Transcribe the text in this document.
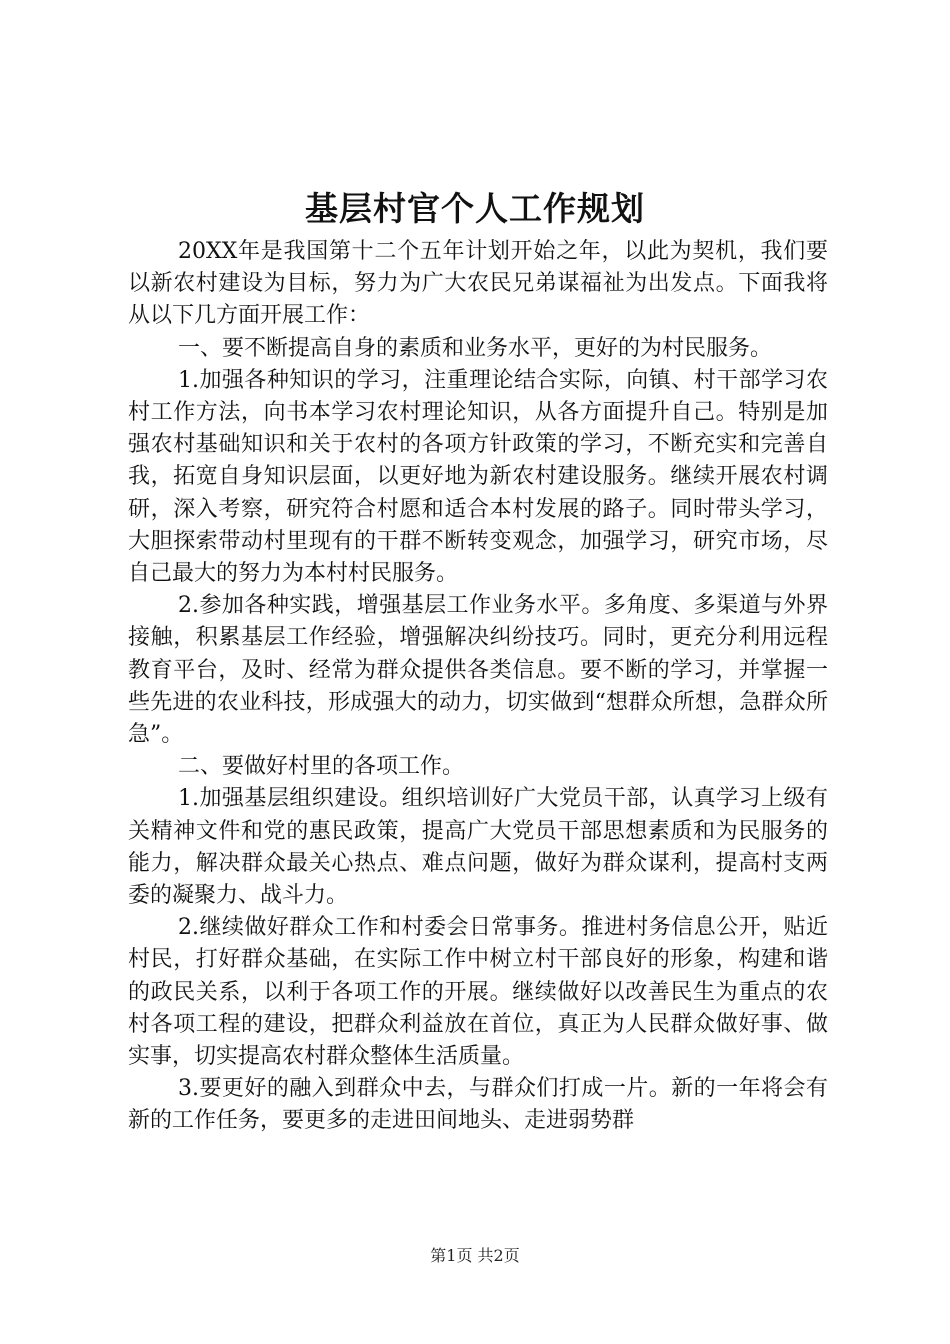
基层村官个人工作规划

20XX年是我国第十二个五年计划开始之年，以此为契机，我们要以新农村建设为目标，努力为广大农民兄弟谋福祉为出发点。下面我将从以下几方面开展工作：

一、要不断提高自身的素质和业务水平，更好的为村民服务。

1.加强各种知识的学习，注重理论结合实际，向镇、村干部学习农村工作方法，向书本学习农村理论知识，从各方面提升自己。特别是加强农村基础知识和关于农村的各项方针政策的学习，不断充实和完善自我，拓宽自身知识层面，以更好地为新农村建设服务。继续开展农村调研，深入考察，研究符合村愿和适合本村发展的路子。同时带头学习，大胆探索带动村里现有的干群不断转变观念，加强学习，研究市场，尽自己最大的努力为本村村民服务。

2.参加各种实践，增强基层工作业务水平。多角度、多渠道与外界接触，积累基层工作经验，增强解决纠纷技巧。同时，更充分利用远程教育平台，及时、经常为群众提供各类信息。要不断的学习，并掌握一些先进的农业科技，形成强大的动力，切实做到“想群众所想，急群众所急”。

二、要做好村里的各项工作。

1.加强基层组织建设。组织培训好广大党员干部，认真学习上级有关精神文件和党的惠民政策，提高广大党员干部思想素质和为民服务的能力，解决群众最关心热点、难点问题，做好为群众谋利，提高村支两委的凝聚力、战斗力。

2.继续做好群众工作和村委会日常事务。推进村务信息公开，贴近村民，打好群众基础，在实际工作中树立村干部良好的形象，构建和谐的政民关系，以利于各项工作的开展。继续做好以改善民生为重点的农村各项工程的建设，把群众利益放在首位，真正为人民群众做好事、做实事，切实提高农村群众整体生活质量。

3.要更好的融入到群众中去，与群众们打成一片。新的一年将会有新的工作任务，要更多的走进田间地头、走进弱势群

第1页 共2页
